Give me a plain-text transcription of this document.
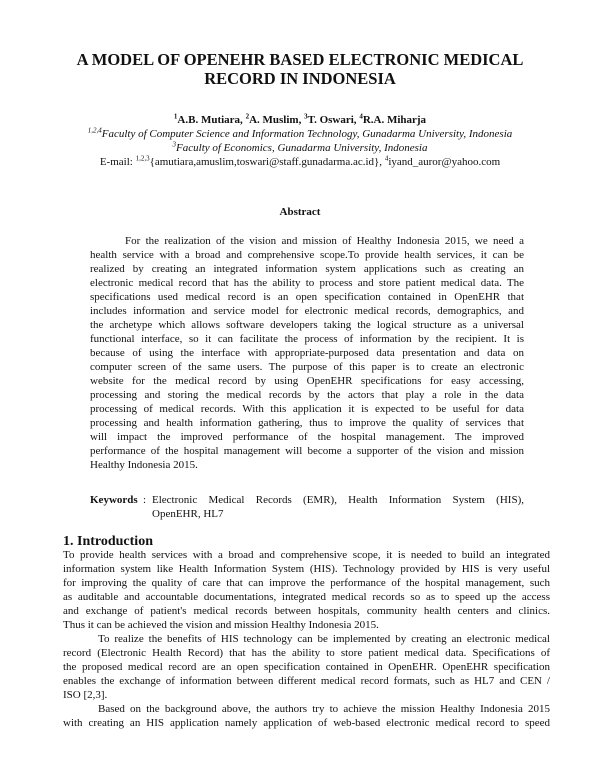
A MODEL OF OPENEHR BASED ELECTRONIC MEDICAL
RECORD IN INDONESIA
$^1$A.B. Mutiara, $^2$A. Muslim, $^3$T. Oswari, $^4$R.A. Miharja
$^{1,2,4}$Faculty of Computer Science and Information Technology, Gunadarma University, Indonesia
$^3$Faculty of Economics, Gunadarma University, Indonesia
E-mail: $^{1,2,3}${amutiara,amuslim,toswari@staff.gunadarma.ac.id}, $^4$iyand_auror@yahoo.com
Abstract
For the realization of the vision and mission of Healthy Indonesia 2015, we need a
health service with a broad and comprehensive scope.To provide health services, it can be
realized by creating an integrated information system applications such as creating an
electronic medical record that has the ability to process and store patient medical data. The
specifications used medical record is an open specification contained in OpenEHR that
includes information and service model for electronic medical records, demographics, and
the archetype which allows software developers taking the logical structure as a universal
functional interface, so it can facilitate the process of information by the recipient. It is
because of using the interface with appropriate-purposed data presentation and data on
computer screen of the same users. The purpose of this paper is to create an electronic
website for the medical record by using OpenEHR specifications for easy accessing,
processing and storing the medical records by the actors that play a role in the data
processing of medical records. With this application it is expected to be useful for data
processing and health information gathering, thus to improve the quality of services that
will impact the improved performance of the hospital management. The improved
performance of the hospital management will become a supporter of the vision and mission
Healthy Indonesia 2015.
Keywords : Electronic Medical Records (EMR), Health Information System (HIS),
OpenEHR, HL7
1. Introduction
To provide health services with a broad and comprehensive scope, it is needed to build an integrated
information system like Health Information System (HIS). Technology provided by HIS is very useful
for improving the quality of care that can improve the performance of the hospital management, such
as auditable and accountable documentations, integrated medical records so as to speed up the access
and exchange of patient's medical records between hospitals, community health centers and clinics.
Thus it can be achieved the vision and mission Healthy Indonesia 2015.
To realize the benefits of HIS technology can be implemented by creating an electronic medical
record (Electronic Health Record) that has the ability to store patient medical data. Specifications of
the proposed medical record are an open specification contained in OpenEHR. OpenEHR specification
enables the exchange of information between different medical record formats, such as HL7 and CEN /
ISO [2,3].
Based on the background above, the authors try to achieve the mission Healthy Indonesia 2015
with creating an HIS application namely application of web-based electronic medical record to speed
